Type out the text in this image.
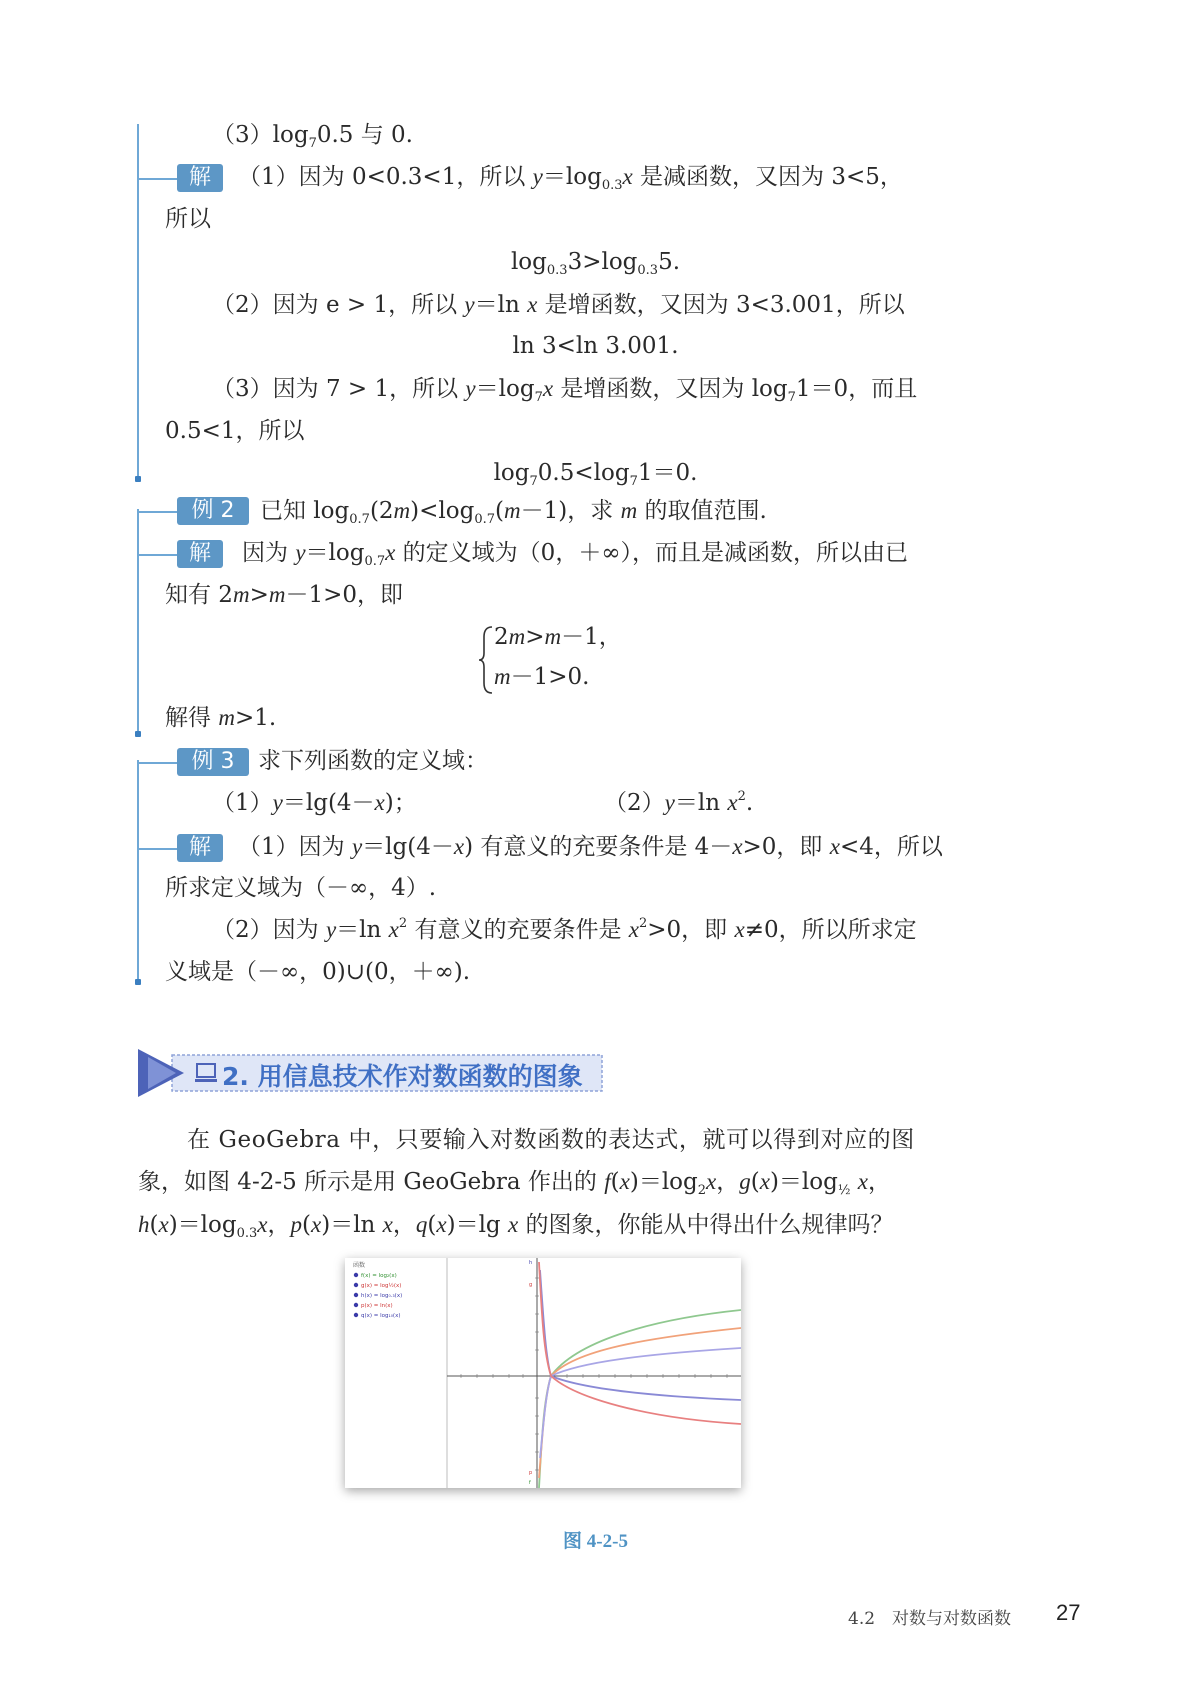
$(3)\log_70.5$ 与 0.
解	（1）因为 0<0.3<1，所以 $y=\log_{0.3}x$ 是减函数，又因为 3<5，
所以
$\log_{0.3}3>\log_{0.3}5$.
（2）因为 e > 1，所以 y＝ln x 是增函数，又因为 3<3.001，所以
ln 3<ln 3.001.
（3）因为 7 > 1，所以 $y=\log_7x$ 是增函数，又因为 $\log_71=0$，而且
0.5<1，所以
$\log_70.5<\log_71=0$.
例 2	已知 $\log_{0.7}(2m)<\log_{0.7}(m-1)$，求 m 的取值范围.
解	因为 $y=\log_{0.7}x$ 的定义域为（0，＋∞），而且是减函数，所以由已
知有 2m>m－1>0，即
2m>m－1，
m－1>0.
解得 m>1.
例 3	求下列函数的定义域：
（1）y＝lg(4－x)；	（2）y＝ln $x^2$.
解	（1）因为 y＝lg(4－x) 有意义的充要条件是 4－x>0，即 x<4，所以
所求定义域为（－∞，4）.
（2）因为 y＝ln $x^2$ 有意义的充要条件是 $x^2>0$，即 x≠0，所以所求定
义域是（－∞，0)∪(0，＋∞).
2. 用信息技术作对数函数的图象
在 GeoGebra 中，只要输入对数函数的表达式，就可以得到对应的图
象，如图 4-2-5 所示是用 GeoGebra 作出的 $f(x)=\log_2x$，$g(x)=\log_{\frac{1}{2}}$ x，
$h(x)=\log_{0.3}x$，p(x)＝ln x，q(x)＝lg x 的图象，你能从中得出什么规律吗？
函数
f(x) = log₂(x)
g(x) = log½(x)
h(x) = log₀.₃(x)
p(x) = ln(x)
q(x) = log₁₀(x)
h
g
p
f
图 4-2-5
4.2　对数与对数函数 27
